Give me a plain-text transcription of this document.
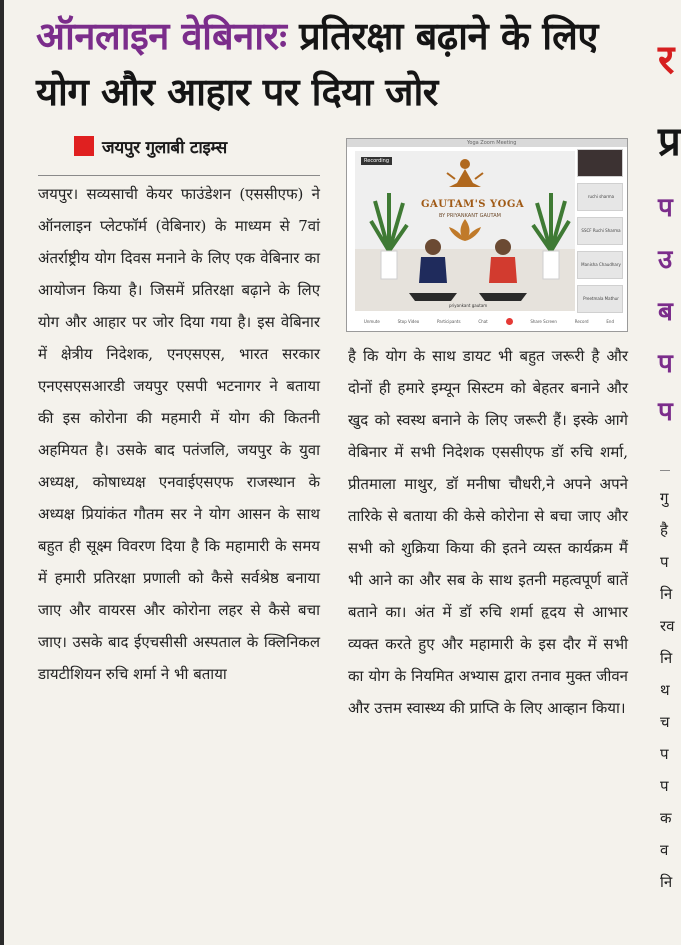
ऑनलाइन वेबिनारः प्रतिरक्षा बढ़ाने के लिए योग और आहार पर दिया जोर
जयपुर गुलाबी टाइम्स
जयपुर। सव्यसाची केयर फाउंडेशन (एससीएफ) ने ऑनलाइन प्लेटफॉर्म (वेबिनार) के माध्यम से 7वां अंतर्राष्ट्रीय योग दिवस मनाने के लिए एक वेबिनार का आयोजन किया है। जिसमें प्रतिरक्षा बढ़ाने के लिए योग और आहार पर जोर दिया गया है। इस वेबिनार में क्षेत्रीय निदेशक, एनएसएस, भारत सरकार एनएसएसआरडी जयपुर एसपी भटनागर ने बताया की इस कोरोना की महमारी में योग की कितनी अहमियत है। उसके बाद पतंजलि, जयपुर के युवा अध्यक्ष, कोषाध्यक्ष एनवाईएसएफ राजस्थान के अध्यक्ष प्रियांकंत गौतम सर ने योग आसन के साथ बहुत ही सूक्ष्म विवरण दिया है कि महामारी के समय में हमारी प्रतिरक्षा प्रणाली को कैसे सर्वश्रेष्ठ बनाया जाए और वायरस और कोरोना लहर से कैसे बचा जाए। उसके बाद ईएचसीसी अस्पताल के क्लिनिकल डायटीशियन रुचि शर्मा ने भी बताया
Yoga Zoom Meeting
Recording
GAUTAM'S YOGA
BY PRIYANKANT GAUTAM
priyankant gautam
ruchi sharma
SSCF Ruchi Sharma
Manisha Chaudhary
Preetmala Mathur
Unmute	Stop Video	Participants	Chat	Share Screen	Record	End
है कि योग के साथ डायट भी बहुत जरूरी है और दोनों ही हमारे इम्यून सिस्टम को बेहतर बनाने और खुद को स्वस्थ बनाने के लिए जरूरी हैं। इस्के आगे वेबिनार में सभी निदेशक एससीएफ डॉ रुचि शर्मा, प्रीतमाला माथुर, डॉ मनीषा चौधरी,ने अपने अपने तारिके से बताया की केसे कोरोना से बचा जाए और सभी को शुक्रिया किया की इतने व्यस्त कार्यक्रम मैं भी आने का और सब के साथ इतनी महत्वपूर्ण बातें बताने का। अंत में डॉ रुचि शर्मा हृदय से आभार व्यक्त करते हुए और महामारी के इस दौर में सभी का योग के नियमित अभ्यास द्वारा तनाव मुक्त जीवन और उत्तम स्वास्थ्य की प्राप्ति के लिए आव्हान किया।
र
प्र
प
उ
ब
प
प
गु
है
प
नि
रव
नि
थ
च
प
प
क
व
नि
